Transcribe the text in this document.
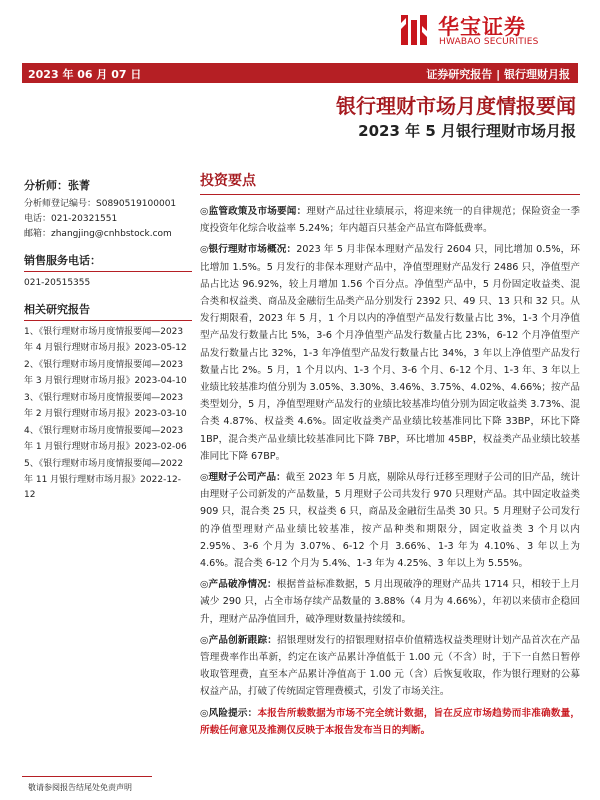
华宝证券
HWABAO SECURITIES
2023 年 06 月 07 日	证券研究报告 | 银行理财月报
银行理财市场月度情报要闻
2023 年 5 月银行理财市场月报
分析师：张菁
分析师登记编号：S0890519100001
电话：021-20321551
邮箱：zhangjing@cnhbstock.com
销售服务电话：
021-20515355
相关研究报告
1、《银行理财市场月度情报要闻—2023 年 4 月银行理财市场月报》2023-05-12
2、《银行理财市场月度情报要闻—2023 年 3 月银行理财市场月报》2023-04-10
3、《银行理财市场月度情报要闻—2023 年 2 月银行理财市场月报》2023-03-10
4、《银行理财市场月度情报要闻—2023 年 1 月银行理财市场月报》2023-02-06
5、《银行理财市场月度情报要闻—2022 年 11 月银行理财市场月报》2022-12-12
投资要点
◎监管政策及市场要闻：理财产品过往业绩展示，将迎来统一的自律规范；保险资金一季度投资年化综合收益率 5.24%；年内超百只基金产品宣布降低费率。
◎银行理财市场概况：2023 年 5 月非保本理财产品发行 2604 只，同比增加 0.5%，环比增加 1.5%。5 月发行的非保本理财产品中，净值型理财产品发行 2486 只，净值型产品占比达 96.92%，较上月增加 1.56 个百分点。净值型产品中，5 月份固定收益类、混合类和权益类、商品及金融衍生品类产品分别发行 2392 只、49 只、13 只和 32 只。从发行期限看，2023 年 5 月，1 个月以内的净值型产品发行数量占比 3%，1-3 个月净值型产品发行数量占比 5%，3-6 个月净值型产品发行数量占比 23%，6-12 个月净值型产品发行数量占比 32%，1-3 年净值型产品发行数量占比 34%，3 年以上净值型产品发行数量占比 2%。5 月，1 个月以内、1-3 个月、3-6 个月、6-12 个月、1-3 年、3 年以上业绩比较基准均值分别为 3.05%、3.30%、3.46%、3.75%、4.02%、4.66%；按产品类型划分，5 月，净值型理财产品发行的业绩比较基准均值分别为固定收益类 3.73%、混合类 4.87%、权益类 4.6%。固定收益类产品业绩比较基准同比下降 33BP，环比下降 1BP，混合类产品业绩比较基准同比下降 7BP，环比增加 45BP，权益类产品业绩比较基准同比下降 67BP。
◎理财子公司产品：截至 2023 年 5 月底，剔除从母行迁移至理财子公司的旧产品，统计由理财子公司新发的产品数量，5 月理财子公司共发行 970 只理财产品。其中固定收益类 909 只，混合类 25 只，权益类 6 只，商品及金融衍生品类 30 只。5 月理财子公司发行的净值型理财产品业绩比较基准，按产品种类和期限分，固定收益类 3 个月以内 2.95%、3-6 个月为 3.07%、6-12 个月 3.66%、1-3 年为 4.10%、3 年以上为 4.6%。混合类 6-12 个月为 5.4%、1-3 年为 4.25%、3 年以上为 5.55%。
◎产品破净情况：根据普益标准数据，5 月出现破净的理财产品共 1714 只，相较于上月减少 290 只，占全市场存续产品数量的 3.88%（4 月为 4.66%），年初以来债市企稳回升，理财产品净值回升，破净理财数量持续缓和。
◎产品创新跟踪：招银理财发行的招银理财招卓价值精选权益类理财计划产品首次在产品管理费率作出革新，约定在该产品累计净值低于 1.00 元（不含）时，于下一自然日暂停收取管理费，直至本产品累计净值高于 1.00 元（含）后恢复收取，作为银行理财的公募权益产品，打破了传统固定管理费模式，引发了市场关注。
◎风险提示：本报告所载数据为市场不完全统计数据，旨在反应市场趋势而非准确数量，所载任何意见及推测仅反映于本报告发布当日的判断。
敬请参阅报告结尾处免责声明
